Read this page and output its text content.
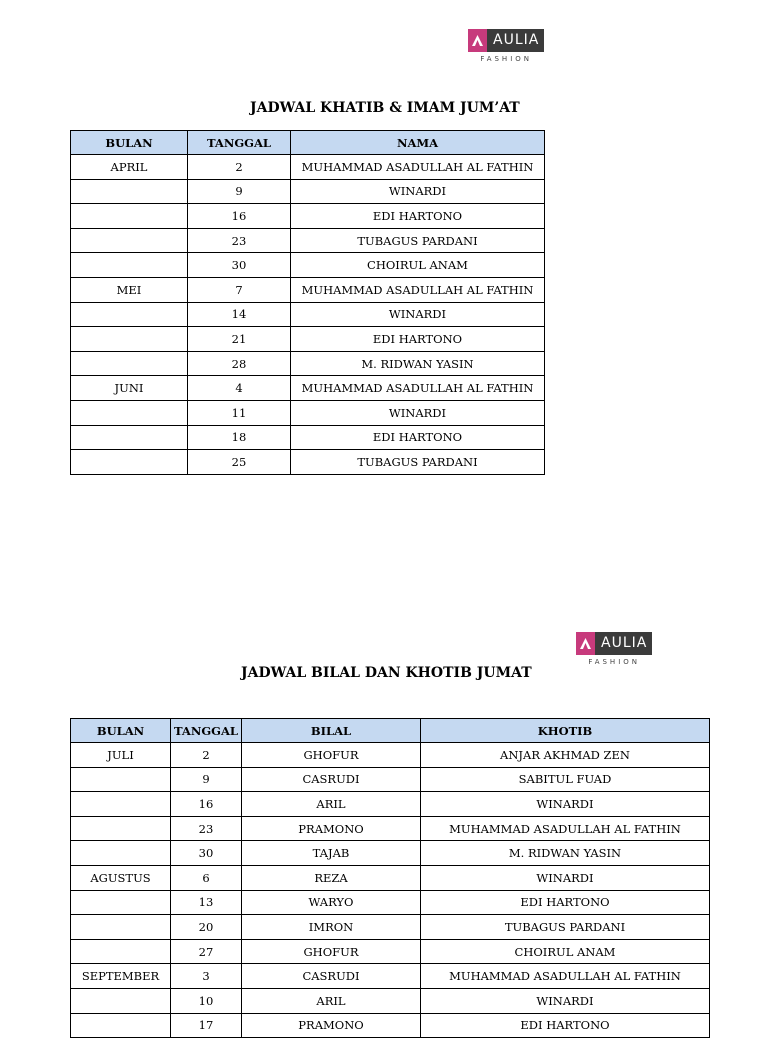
AULIA
FASHION
JADWAL KHATIB & IMAM JUM’AT
BULAN	TANGGAL	NAMA
APRIL	2	MUHAMMAD ASADULLAH AL FATHIN
	9	WINARDI
	16	EDI HARTONO
	23	TUBAGUS PARDANI
	30	CHOIRUL ANAM
MEI	7	MUHAMMAD ASADULLAH AL FATHIN
	14	WINARDI
	21	EDI HARTONO
	28	M. RIDWAN YASIN
JUNI	4	MUHAMMAD ASADULLAH AL FATHIN
	11	WINARDI
	18	EDI HARTONO
	25	TUBAGUS PARDANI
AULIA
FASHION
JADWAL BILAL DAN KHOTIB JUMAT
BULAN	TANGGAL	BILAL	KHOTIB
JULI	2	GHOFUR	ANJAR AKHMAD ZEN
	9	CASRUDI	SABITUL FUAD
	16	ARIL	WINARDI
	23	PRAMONO	MUHAMMAD ASADULLAH AL FATHIN
	30	TAJAB	M. RIDWAN YASIN
AGUSTUS	6	REZA	WINARDI
	13	WARYO	EDI HARTONO
	20	IMRON	TUBAGUS PARDANI
	27	GHOFUR	CHOIRUL ANAM
SEPTEMBER	3	CASRUDI	MUHAMMAD ASADULLAH AL FATHIN
	10	ARIL	WINARDI
	17	PRAMONO	EDI HARTONO
